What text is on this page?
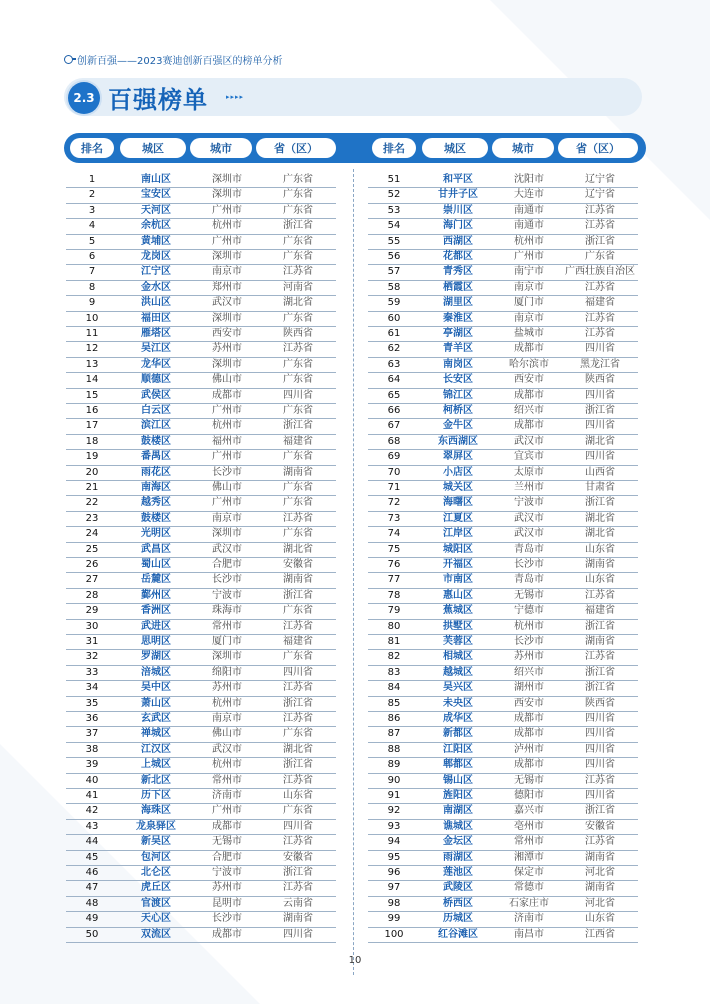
创新百强——2023赛迪创新百强区的榜单分析
2.3 百强榜单	▸▸▸▸
排名	城区	城市	省（区）	排名	城区	城市	省（区）
1	南山区	深圳市	广东省
2	宝安区	深圳市	广东省
3	天河区	广州市	广东省
4	余杭区	杭州市	浙江省
5	黄埔区	广州市	广东省
6	龙岗区	深圳市	广东省
7	江宁区	南京市	江苏省
8	金水区	郑州市	河南省
9	洪山区	武汉市	湖北省
10	福田区	深圳市	广东省
11	雁塔区	西安市	陕西省
12	吴江区	苏州市	江苏省
13	龙华区	深圳市	广东省
14	顺德区	佛山市	广东省
15	武侯区	成都市	四川省
16	白云区	广州市	广东省
17	滨江区	杭州市	浙江省
18	鼓楼区	福州市	福建省
19	番禺区	广州市	广东省
20	雨花区	长沙市	湖南省
21	南海区	佛山市	广东省
22	越秀区	广州市	广东省
23	鼓楼区	南京市	江苏省
24	光明区	深圳市	广东省
25	武昌区	武汉市	湖北省
26	蜀山区	合肥市	安徽省
27	岳麓区	长沙市	湖南省
28	鄞州区	宁波市	浙江省
29	香洲区	珠海市	广东省
30	武进区	常州市	江苏省
31	思明区	厦门市	福建省
32	罗湖区	深圳市	广东省
33	涪城区	绵阳市	四川省
34	吴中区	苏州市	江苏省
35	萧山区	杭州市	浙江省
36	玄武区	南京市	江苏省
37	禅城区	佛山市	广东省
38	江汉区	武汉市	湖北省
39	上城区	杭州市	浙江省
40	新北区	常州市	江苏省
41	历下区	济南市	山东省
42	海珠区	广州市	广东省
43	龙泉驿区	成都市	四川省
44	新吴区	无锡市	江苏省
45	包河区	合肥市	安徽省
46	北仑区	宁波市	浙江省
47	虎丘区	苏州市	江苏省
48	官渡区	昆明市	云南省
49	天心区	长沙市	湖南省
50	双流区	成都市	四川省
51	和平区	沈阳市	辽宁省
52	甘井子区	大连市	辽宁省
53	崇川区	南通市	江苏省
54	海门区	南通市	江苏省
55	西湖区	杭州市	浙江省
56	花都区	广州市	广东省
57	青秀区	南宁市	广西壮族自治区
58	栖霞区	南京市	江苏省
59	湖里区	厦门市	福建省
60	秦淮区	南京市	江苏省
61	亭湖区	盐城市	江苏省
62	青羊区	成都市	四川省
63	南岗区	哈尔滨市	黑龙江省
64	长安区	西安市	陕西省
65	锦江区	成都市	四川省
66	柯桥区	绍兴市	浙江省
67	金牛区	成都市	四川省
68	东西湖区	武汉市	湖北省
69	翠屏区	宜宾市	四川省
70	小店区	太原市	山西省
71	城关区	兰州市	甘肃省
72	海曙区	宁波市	浙江省
73	江夏区	武汉市	湖北省
74	江岸区	武汉市	湖北省
75	城阳区	青岛市	山东省
76	开福区	长沙市	湖南省
77	市南区	青岛市	山东省
78	惠山区	无锡市	江苏省
79	蕉城区	宁德市	福建省
80	拱墅区	杭州市	浙江省
81	芙蓉区	长沙市	湖南省
82	相城区	苏州市	江苏省
83	越城区	绍兴市	浙江省
84	吴兴区	湖州市	浙江省
85	未央区	西安市	陕西省
86	成华区	成都市	四川省
87	新都区	成都市	四川省
88	江阳区	泸州市	四川省
89	郫都区	成都市	四川省
90	锡山区	无锡市	江苏省
91	旌阳区	德阳市	四川省
92	南湖区	嘉兴市	浙江省
93	谯城区	亳州市	安徽省
94	金坛区	常州市	江苏省
95	雨湖区	湘潭市	湖南省
96	莲池区	保定市	河北省
97	武陵区	常德市	湖南省
98	桥西区	石家庄市	河北省
99	历城区	济南市	山东省
100	红谷滩区	南昌市	江西省
10
